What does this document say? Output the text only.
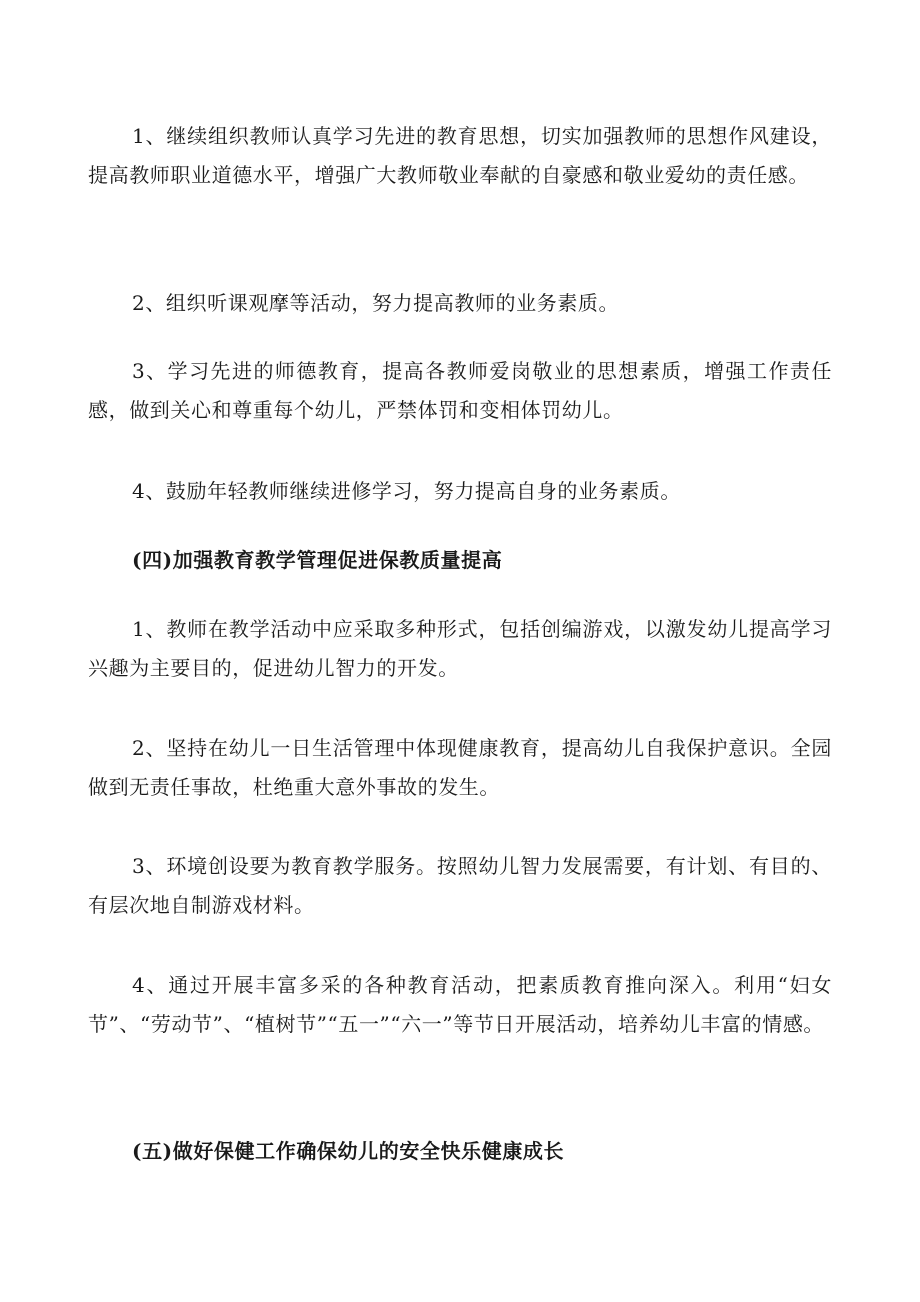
1、继续组织教师认真学习先进的教育思想，切实加强教师的思想作风建设，提高教师职业道德水平，增强广大教师敬业奉献的自豪感和敬业爱幼的责任感。

2、组织听课观摩等活动，努力提高教师的业务素质。

3、学习先进的师德教育，提高各教师爱岗敬业的思想素质，增强工作责任感，做到关心和尊重每个幼儿，严禁体罚和变相体罚幼儿。

4、鼓励年轻教师继续进修学习，努力提高自身的业务素质。

(四)加强教育教学管理促进保教质量提高

1、教师在教学活动中应采取多种形式，包括创编游戏，以激发幼儿提高学习兴趣为主要目的，促进幼儿智力的开发。

2、坚持在幼儿一日生活管理中体现健康教育，提高幼儿自我保护意识。全园做到无责任事故，杜绝重大意外事故的发生。

3、环境创设要为教育教学服务。按照幼儿智力发展需要，有计划、有目的、有层次地自制游戏材料。

4、通过开展丰富多采的各种教育活动，把素质教育推向深入。利用“妇女节”、“劳动节”、“植树节”“五一”“六一”等节日开展活动，培养幼儿丰富的情感。

(五)做好保健工作确保幼儿的安全快乐健康成长
